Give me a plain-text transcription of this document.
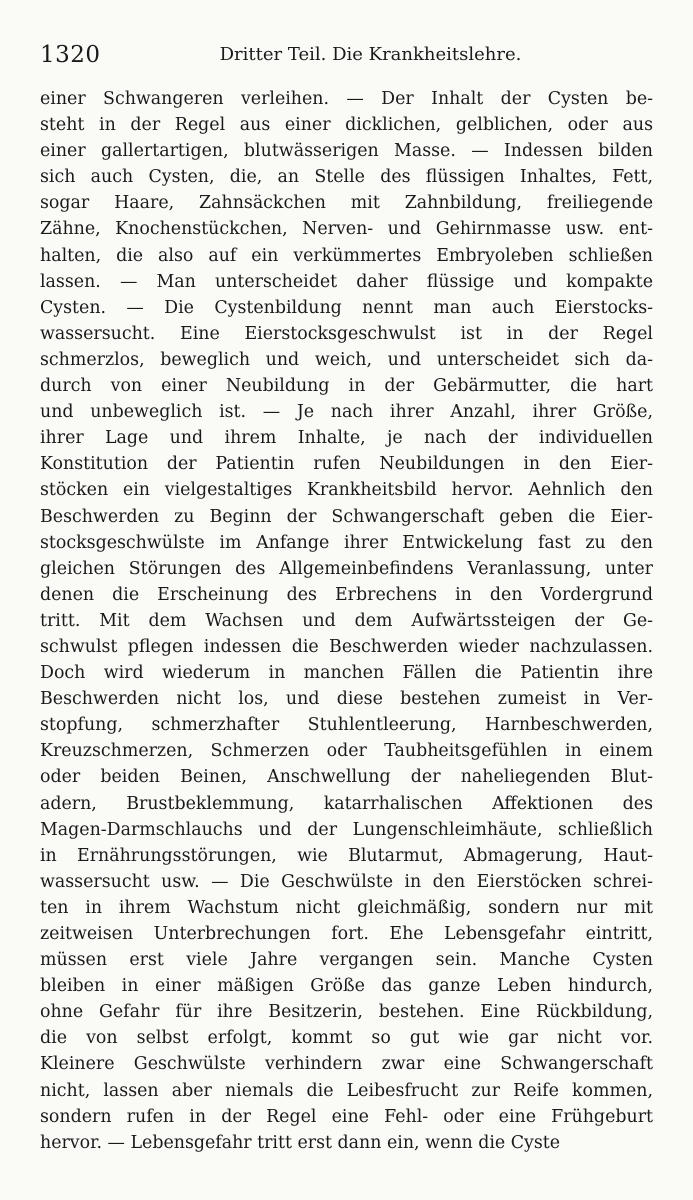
1320	Dritter Teil. Die Krankheitslehre.
einer Schwangeren verleihen. — Der Inhalt der Cysten be-
steht in der Regel aus einer dicklichen, gelblichen, oder aus
einer gallertartigen, blutwässerigen Masse. — Indessen bilden
sich auch Cysten, die, an Stelle des flüssigen Inhaltes, Fett,
sogar Haare, Zahnsäckchen mit Zahnbildung, freiliegende
Zähne, Knochenstückchen, Nerven- und Gehirnmasse usw. ent-
halten, die also auf ein verkümmertes Embryoleben schließen
lassen. — Man unterscheidet daher flüssige und kompakte
Cysten. — Die Cystenbildung nennt man auch Eierstocks-
wassersucht. Eine Eierstocksgeschwulst ist in der Regel
schmerzlos, beweglich und weich, und unterscheidet sich da-
durch von einer Neubildung in der Gebärmutter, die hart
und unbeweglich ist. — Je nach ihrer Anzahl, ihrer Größe,
ihrer Lage und ihrem Inhalte, je nach der individuellen
Konstitution der Patientin rufen Neubildungen in den Eier-
stöcken ein vielgestaltiges Krankheitsbild hervor. Aehnlich den
Beschwerden zu Beginn der Schwangerschaft geben die Eier-
stocksgeschwülste im Anfange ihrer Entwickelung fast zu den
gleichen Störungen des Allgemeinbefindens Veranlassung, unter
denen die Erscheinung des Erbrechens in den Vordergrund
tritt. Mit dem Wachsen und dem Aufwärtssteigen der Ge-
schwulst pflegen indessen die Beschwerden wieder nachzulassen.
Doch wird wiederum in manchen Fällen die Patientin ihre
Beschwerden nicht los, und diese bestehen zumeist in Ver-
stopfung, schmerzhafter Stuhlentleerung, Harnbeschwerden,
Kreuzschmerzen, Schmerzen oder Taubheitsgefühlen in einem
oder beiden Beinen, Anschwellung der naheliegenden Blut-
adern, Brustbeklemmung, katarrhalischen Affektionen des
Magen-Darmschlauchs und der Lungenschleimhäute, schließlich
in Ernährungsstörungen, wie Blutarmut, Abmagerung, Haut-
wassersucht usw. — Die Geschwülste in den Eierstöcken schrei-
ten in ihrem Wachstum nicht gleichmäßig, sondern nur mit
zeitweisen Unterbrechungen fort. Ehe Lebensgefahr eintritt,
müssen erst viele Jahre vergangen sein. Manche Cysten
bleiben in einer mäßigen Größe das ganze Leben hindurch,
ohne Gefahr für ihre Besitzerin, bestehen. Eine Rückbildung,
die von selbst erfolgt, kommt so gut wie gar nicht vor.
Kleinere Geschwülste verhindern zwar eine Schwangerschaft
nicht, lassen aber niemals die Leibesfrucht zur Reife kommen,
sondern rufen in der Regel eine Fehl- oder eine Frühgeburt
hervor. — Lebensgefahr tritt erst dann ein, wenn die Cyste
